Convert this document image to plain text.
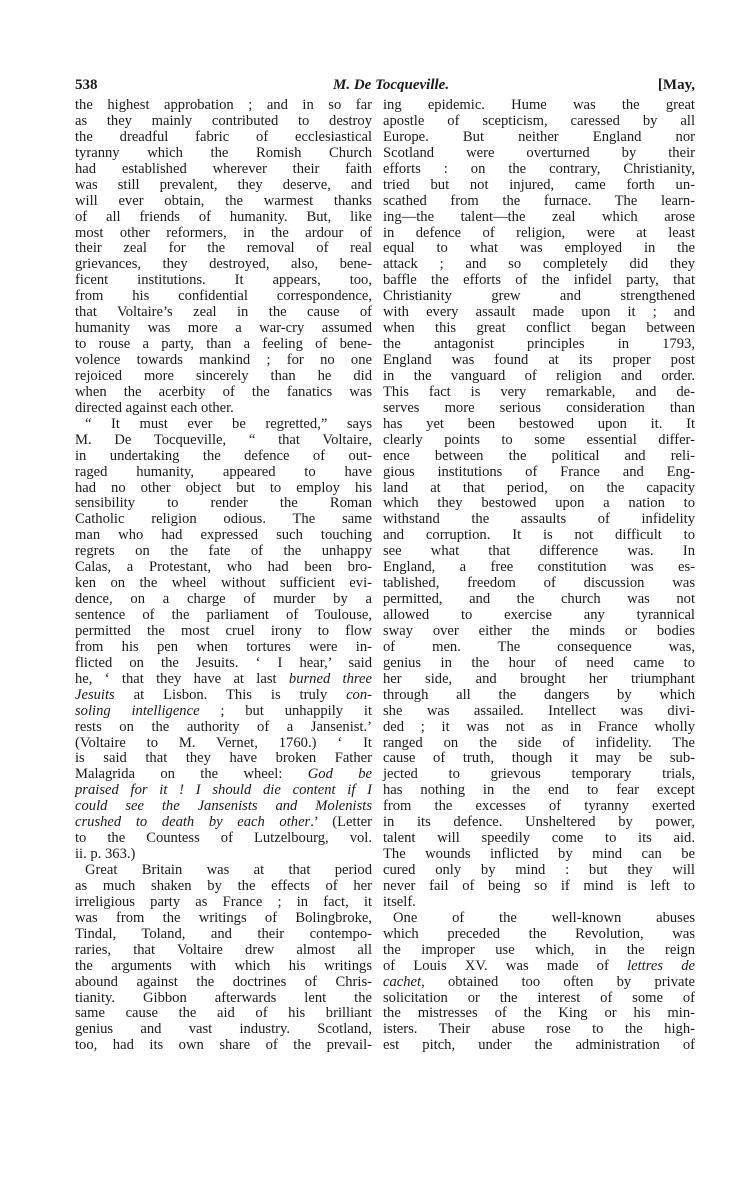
538	M. De Tocqueville.	[May,
the highest approbation ; and in so far
as they mainly contributed to destroy
the dreadful fabric of ecclesiastical
tyranny which the Romish Church
had established wherever their faith
was still prevalent, they deserve, and
will ever obtain, the warmest thanks
of all friends of humanity. But, like
most other reformers, in the ardour of
their zeal for the removal of real
grievances, they destroyed, also, bene-
ficent institutions. It appears, too,
from his confidential correspondence,
that Voltaire’s zeal in the cause of
humanity was more a war-cry assumed
to rouse a party, than a feeling of bene-
volence towards mankind ; for no one
rejoiced more sincerely than he did
when the acerbity of the fanatics was
directed against each other.
“ It must ever be regretted,” says
M. De Tocqueville, “ that Voltaire,
in undertaking the defence of out-
raged humanity, appeared to have
had no other object but to employ his
sensibility to render the Roman
Catholic religion odious. The same
man who had expressed such touching
regrets on the fate of the unhappy
Calas, a Protestant, who had been bro-
ken on the wheel without sufficient evi-
dence, on a charge of murder by a
sentence of the parliament of Toulouse,
permitted the most cruel irony to flow
from his pen when tortures were in-
flicted on the Jesuits. ‘ I hear,’ said
he, ‘ that they have at last burned three
Jesuits at Lisbon. This is truly con-
soling intelligence ; but unhappily it
rests on the authority of a Jansenist.’
(Voltaire to M. Vernet, 1760.) ‘ It
is said that they have broken Father
Malagrida on the wheel: God be
praised for it ! I should die content if I
could see the Jansenists and Molenists
crushed to death by each other.’ (Letter
to the Countess of Lutzelbourg, vol.
ii. p. 363.)
Great Britain was at that period
as much shaken by the effects of her
irreligious party as France ; in fact, it
was from the writings of Bolingbroke,
Tindal, Toland, and their contempo-
raries, that Voltaire drew almost all
the arguments with which his writings
abound against the doctrines of Chris-
tianity. Gibbon afterwards lent the
same cause the aid of his brilliant
genius and vast industry. Scotland,
too, had its own share of the prevail-
ing epidemic. Hume was the great
apostle of scepticism, caressed by all
Europe. But neither England nor
Scotland were overturned by their
efforts : on the contrary, Christianity,
tried but not injured, came forth un-
scathed from the furnace. The learn-
ing—the talent—the zeal which arose
in defence of religion, were at least
equal to what was employed in the
attack ; and so completely did they
baffle the efforts of the infidel party, that
Christianity grew and strengthened
with every assault made upon it ; and
when this great conflict began between
the antagonist principles in 1793,
England was found at its proper post
in the vanguard of religion and order.
This fact is very remarkable, and de-
serves more serious consideration than
has yet been bestowed upon it. It
clearly points to some essential differ-
ence between the political and reli-
gious institutions of France and Eng-
land at that period, on the capacity
which they bestowed upon a nation to
withstand the assaults of infidelity
and corruption. It is not difficult to
see what that difference was. In
England, a free constitution was es-
tablished, freedom of discussion was
permitted, and the church was not
allowed to exercise any tyrannical
sway over either the minds or bodies
of men. The consequence was,
genius in the hour of need came to
her side, and brought her triumphant
through all the dangers by which
she was assailed. Intellect was divi-
ded ; it was not as in France wholly
ranged on the side of infidelity. The
cause of truth, though it may be sub-
jected to grievous temporary trials,
has nothing in the end to fear except
from the excesses of tyranny exerted
in its defence. Unsheltered by power,
talent will speedily come to its aid.
The wounds inflicted by mind can be
cured only by mind : but they will
never fail of being so if mind is left to
itself.
One of the well-known abuses
which preceded the Revolution, was
the improper use which, in the reign
of Louis XV. was made of lettres de
cachet, obtained too often by private
solicitation or the interest of some of
the mistresses of the King or his min-
isters. Their abuse rose to the high-
est pitch, under the administration of
